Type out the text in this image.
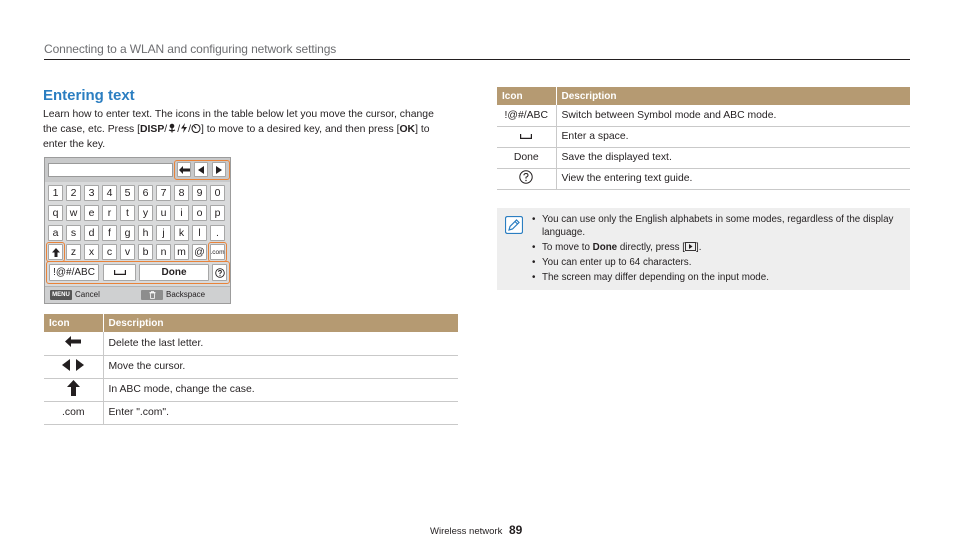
Connecting to a WLAN and configuring network settings
Entering text

Learn how to enter text. The icons in the table below let you move the cursor, change the case, etc. Press [DISP/ / / ] to move to a desired key, and then press [OK] to enter the key.

1	2	3	4	5	6	7	8	9	0
q	w	e	r	t	y	u	i	o	p
a	s	d	f	g	h	j	k	l	.
z	x	c	v	b	n	m @ .com
!@#/ABC	Done
MENU Cancel	Backspace
Icon	Description
	Delete the last letter.
	Move the cursor.
	In ABC mode, change the case.
.com	Enter ".com".
Icon	Description
!@#/ABC	Switch between Symbol mode and ABC mode.
	Enter a space.
Done	Save the displayed text.
	View the entering text guide.
• You can use only the English alphabets in some modes, regardless of the display language.
• To move to Done directly, press [ ].
• You can enter up to 64 characters.
• The screen may differ depending on the input mode.
Wireless network 89
